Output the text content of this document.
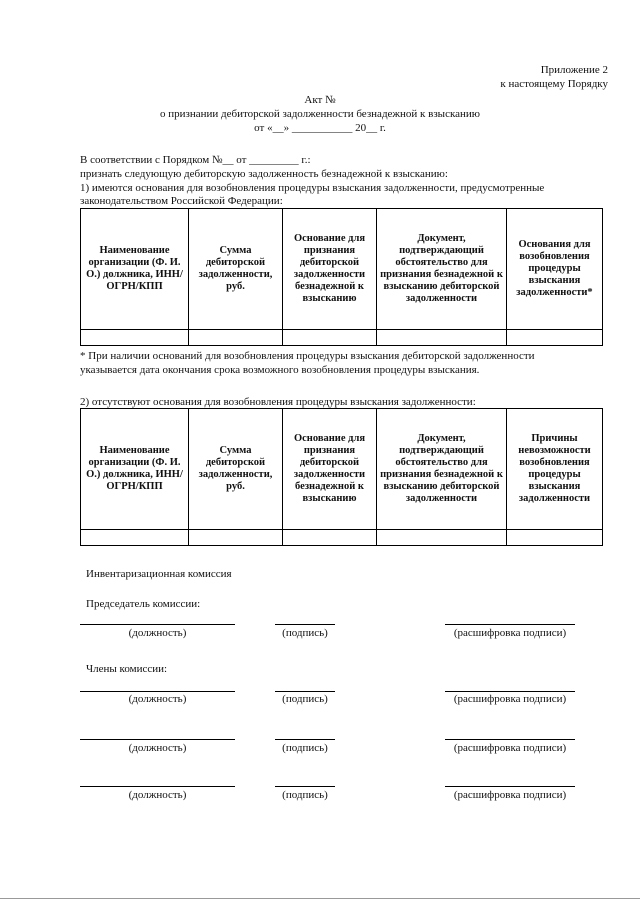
Приложение 2
к настоящему Порядку
Акт №
о признании дебиторской задолженности безнадежной к взысканию
от «__» ___________ 20__ г.
В соответствии с Порядком №__ от _________ г.:
признать следующую дебиторскую задолженность безнадежной к взысканию:
1) имеются основания для возобновления процедуры взыскания задолженности, предусмотренные
законодательством Российской Федерации:
Наименование организации (Ф. И. О.) должника, ИНН/ОГРН/КПП	Сумма дебиторской задолженности, руб.	Основание для признания дебиторской задолженности безнадежной к взысканию	Документ, подтверждающий обстоятельство для признания безнадежной к взысканию дебиторской задолженности	Основания для возобновления процедуры взыскания задолженности*

* При наличии оснований для возобновления процедуры взыскания дебиторской задолженности
указывается дата окончания срока возможного возобновления процедуры взыскания.
2) отсутствуют основания для возобновления процедуры взыскания задолженности:
Наименование организации (Ф. И. О.) должника, ИНН/ОГРН/КПП	Сумма дебиторской задолженности, руб.	Основание для признания дебиторской задолженности безнадежной к взысканию	Документ, подтверждающий обстоятельство для признания безнадежной к взысканию дебиторской задолженности	Причины невозможности возобновления процедуры взыскания задолженности

Инвентаризационная комиссия
Председатель комиссии:
(должность)	(подпись)	(расшифровка подписи)
Члены комиссии:
(должность)	(подпись)	(расшифровка подписи)
(должность)	(подпись)	(расшифровка подписи)
(должность)	(подпись)	(расшифровка подписи)
